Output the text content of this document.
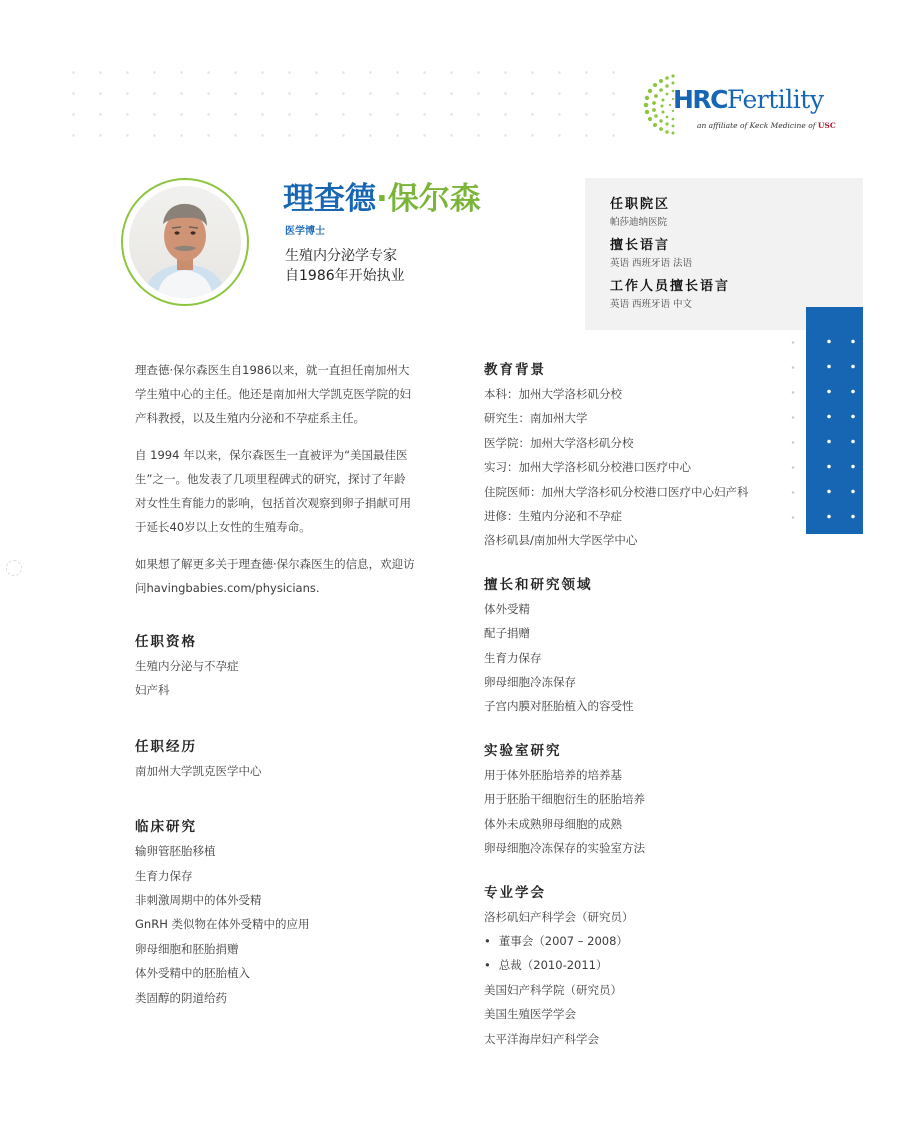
HRCFertility
an affiliate of Keck Medicine of USC
理查德·保尔森
医学博士
生殖内分泌学专家
自1986年开始执业
任职院区
帕莎迪纳医院
擅长语言
英语 西班牙语 法语
工作人员擅长语言
英语 西班牙语 中文

理查德·保尔森医生自1986以来，就一直担任南加州大学生殖中心的主任。他还是南加州大学凯克医学院的妇产科教授，以及生殖内分泌和不孕症系主任。

自 1994 年以来，保尔森医生一直被评为“美国最佳医生”之一。他发表了几项里程碑式的研究，探讨了年龄对女性生育能力的影响，包括首次观察到卵子捐献可用于延长40岁以上女性的生殖寿命。

如果想了解更多关于理查德·保尔森医生的信息，欢迎访问havingbabies.com/physicians.

任职资格
生殖内分泌与不孕症
妇产科
任职经历
南加州大学凯克医学中心
临床研究
输卵管胚胎移植
生育力保存
非刺激周期中的体外受精
GnRH 类似物在体外受精中的应用
卵母细胞和胚胎捐赠
体外受精中的胚胎植入
类固醇的阴道给药
教育背景
本科：加州大学洛杉矶分校
研究生：南加州大学
医学院：加州大学洛杉矶分校
实习：加州大学洛杉矶分校港口医疗中心
住院医师：加州大学洛杉矶分校港口医疗中心妇产科
进修：生殖内分泌和不孕症
洛杉矶县/南加州大学医学中心
擅长和研究领域
体外受精
配子捐赠
生育力保存
卵母细胞冷冻保存
子宫内膜对胚胎植入的容受性
实验室研究
用于体外胚胎培养的培养基
用于胚胎干细胞衍生的胚胎培养
体外未成熟卵母细胞的成熟
卵母细胞冷冻保存的实验室方法
专业学会
洛杉矶妇产科学会（研究员）
• 董事会（2007 – 2008）
• 总裁（2010-2011）
美国妇产科学院（研究员）
美国生殖医学学会
太平洋海岸妇产科学会
